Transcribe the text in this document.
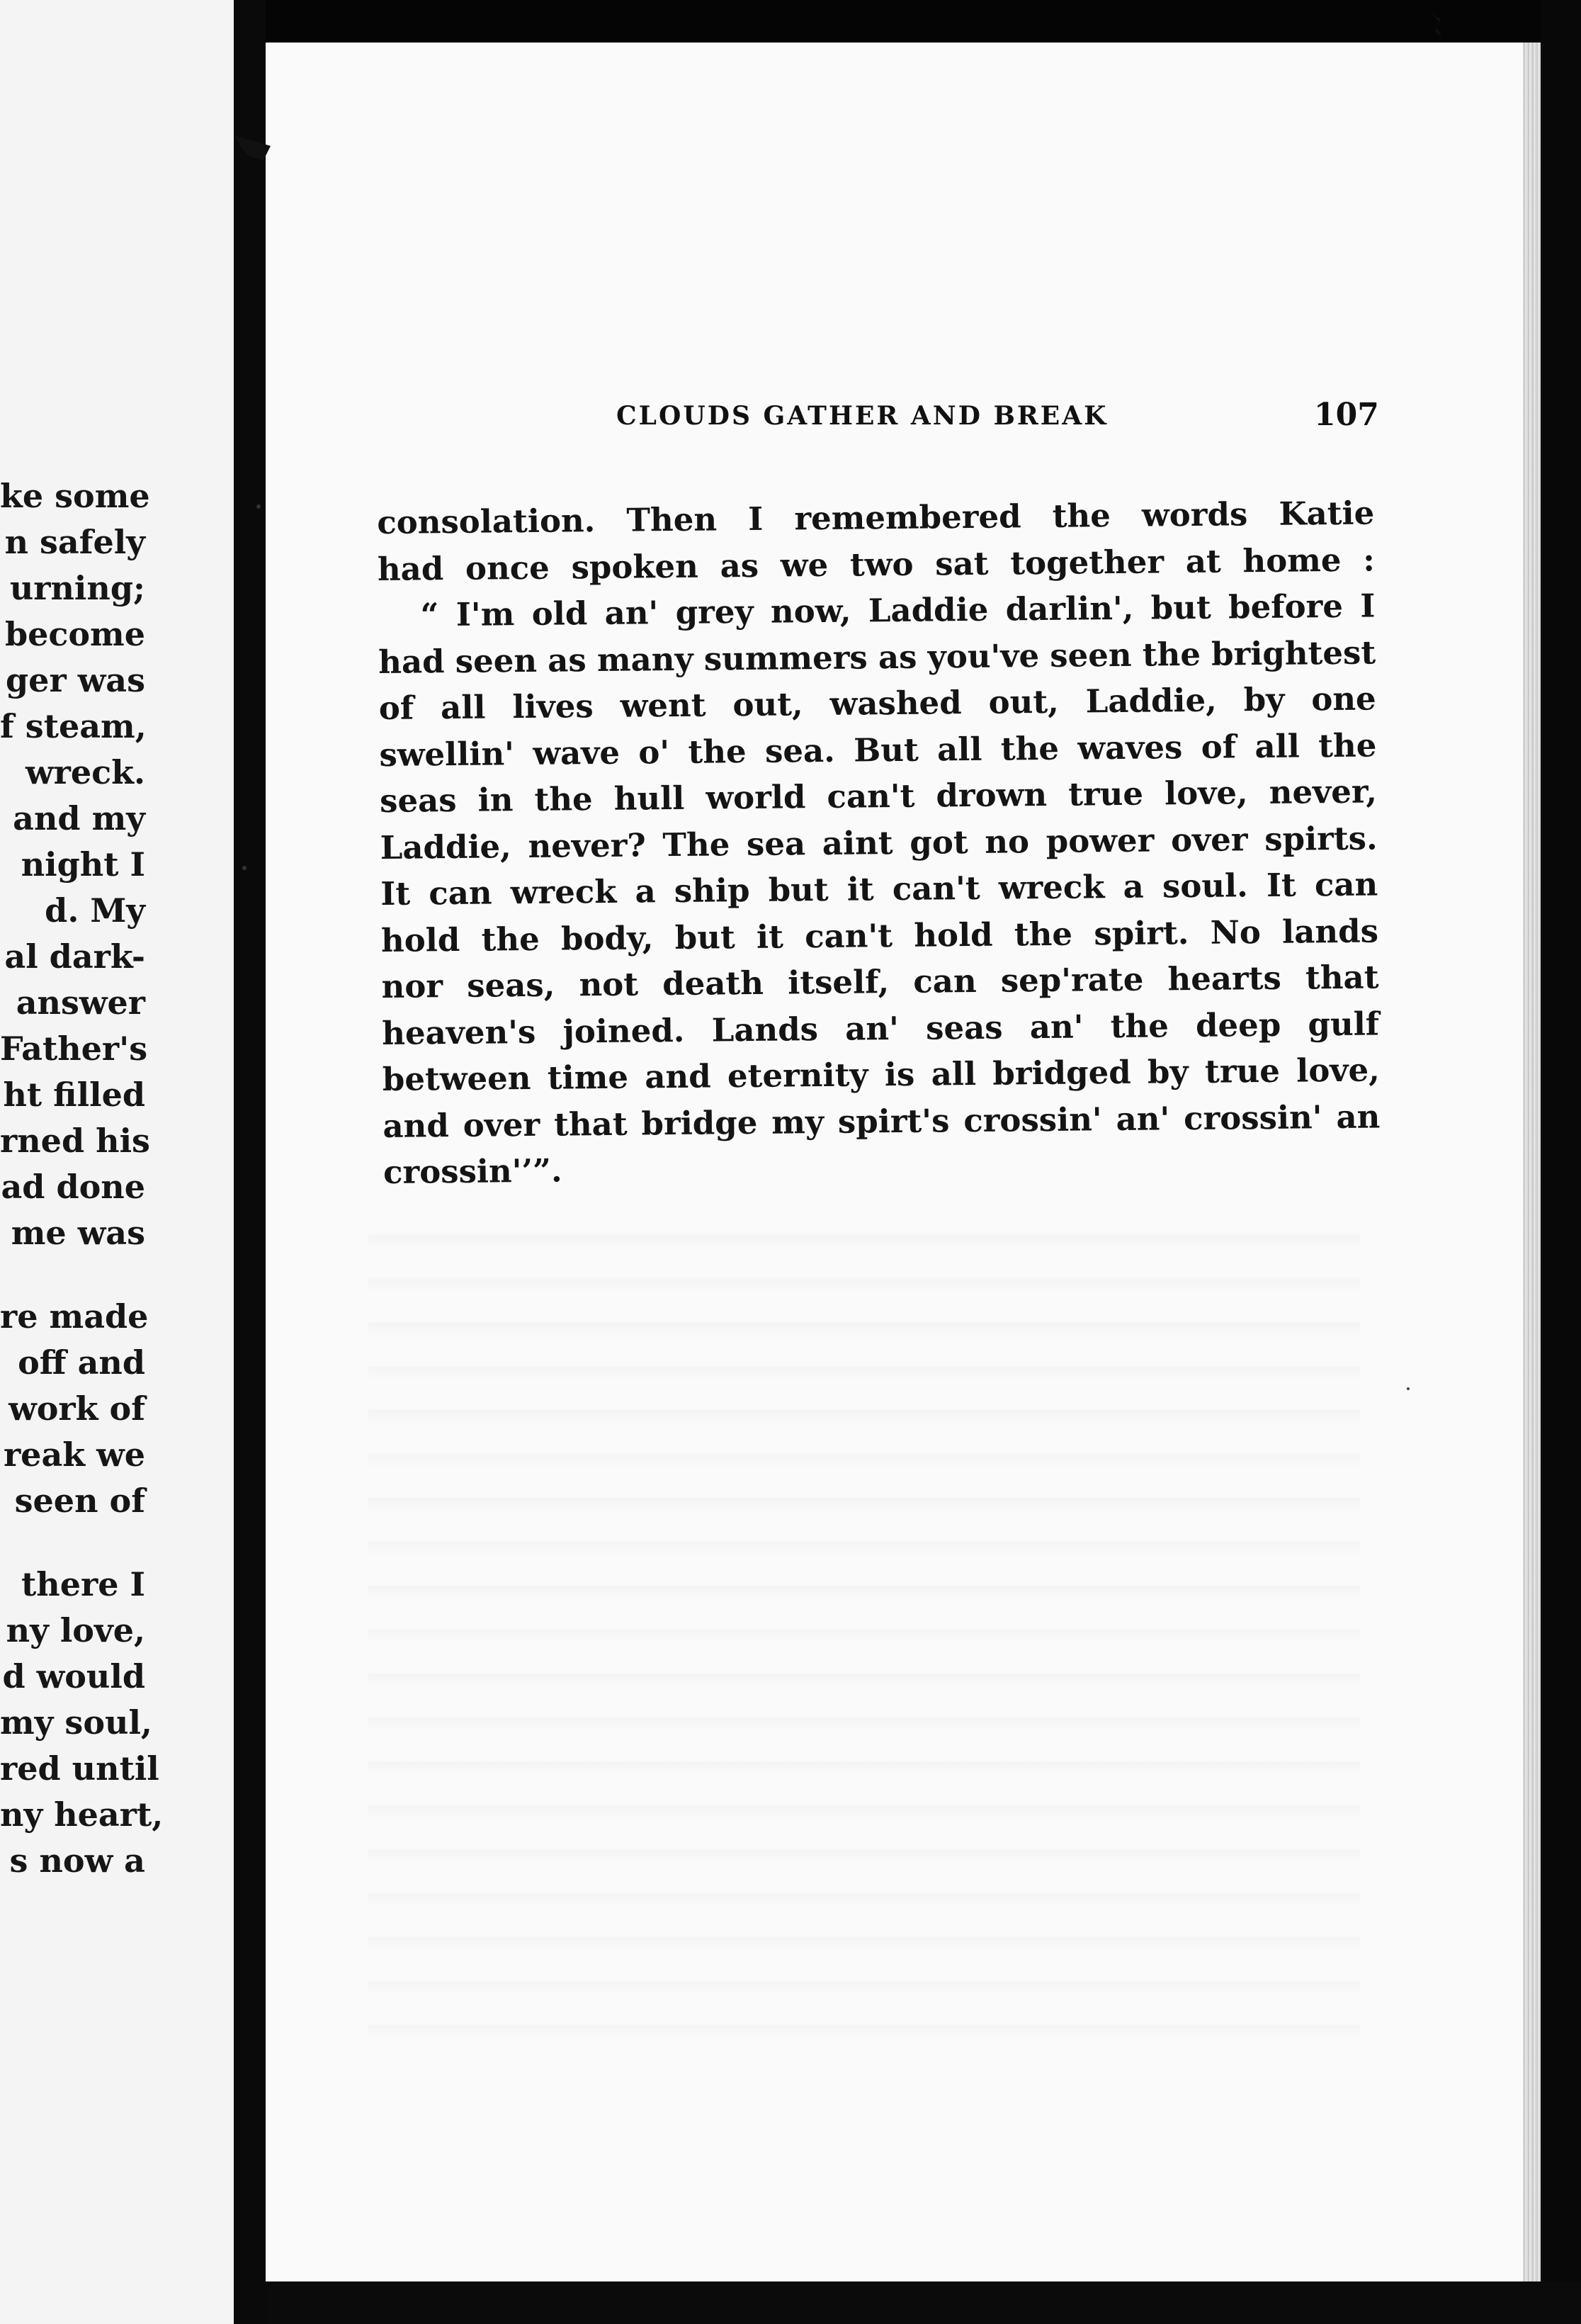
ke some
n safely
urning;
become
ger was
f steam,
wreck.
and my
night I
d. My
al dark-
answer
Father's
ht filled
rned his
ad done
me was
re made
off and
work of
reak we
seen of
there I
ny love,
d would
my soul,
red until
ny heart,
s now a
CLOUDS GATHER AND BREAK	107
consolation. Then I remembered the words Katie
had once spoken as we two sat together at home :
“ I'm old an' grey now, Laddie darlin', but before I
had seen as many summers as you've seen the brightest
of all lives went out, washed out, Laddie, by one
swellin' wave o' the sea. But all the waves of all the
seas in the hull world can't drown true love, never,
Laddie, never? The sea aint got no power over spirts.
It can wreck a ship but it can't wreck a soul. It can
hold the body, but it can't hold the spirt. No lands
nor seas, not death itself, can sep'rate hearts that
heaven's joined. Lands an' seas an' the deep gulf
between time and eternity is all bridged by true love,
and over that bridge my spirt's crossin' an' crossin' an
crossin'’”.
